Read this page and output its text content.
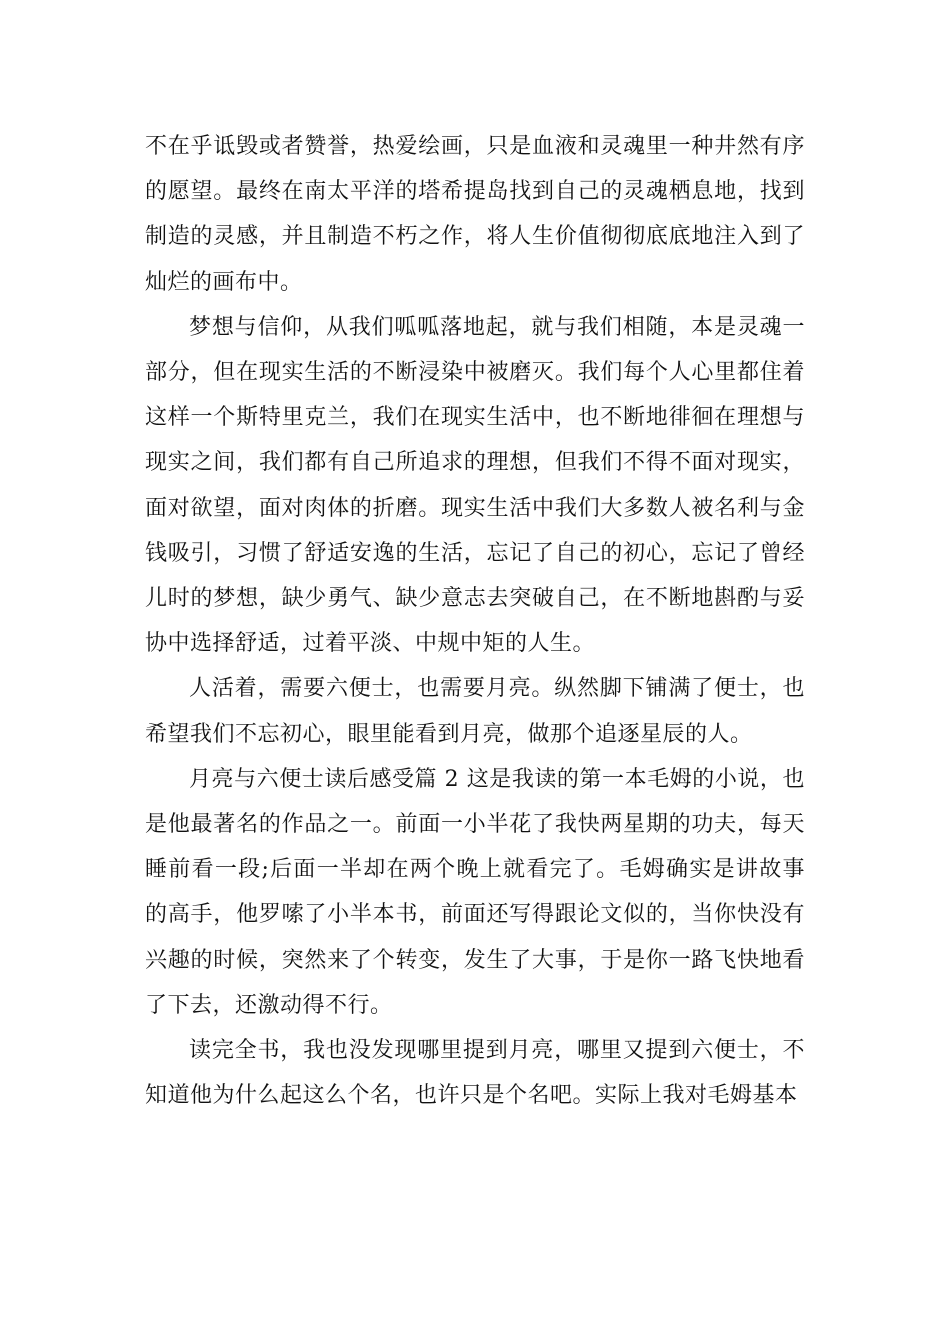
不在乎诋毁或者赞誉，热爱绘画，只是血液和灵魂里一种井然有序的愿望。最终在南太平洋的塔希提岛找到自己的灵魂栖息地，找到制造的灵感，并且制造不朽之作，将人生价值彻彻底底地注入到了灿烂的画布中。

梦想与信仰，从我们呱呱落地起，就与我们相随，本是灵魂一部分，但在现实生活的不断浸染中被磨灭。我们每个人心里都住着这样一个斯特里克兰，我们在现实生活中，也不断地徘徊在理想与现实之间，我们都有自己所追求的理想，但我们不得不面对现实，面对欲望，面对肉体的折磨。现实生活中我们大多数人被名利与金钱吸引，习惯了舒适安逸的生活，忘记了自己的初心，忘记了曾经儿时的梦想，缺少勇气、缺少意志去突破自己，在不断地斟酌与妥协中选择舒适，过着平淡、中规中矩的人生。

人活着，需要六便士，也需要月亮。纵然脚下铺满了便士，也希望我们不忘初心，眼里能看到月亮，做那个追逐星辰的人。

月亮与六便士读后感受篇 2 这是我读的第一本毛姆的小说，也是他最著名的作品之一。前面一小半花了我快两星期的功夫，每天睡前看一段;后面一半却在两个晚上就看完了。毛姆确实是讲故事的高手，他罗嗦了小半本书，前面还写得跟论文似的，当你快没有兴趣的时候，突然来了个转变，发生了大事，于是你一路飞快地看了下去，还激动得不行。

读完全书，我也没发现哪里提到月亮，哪里又提到六便士，不知道他为什么起这么个名，也许只是个名吧。实际上我对毛姆基本
